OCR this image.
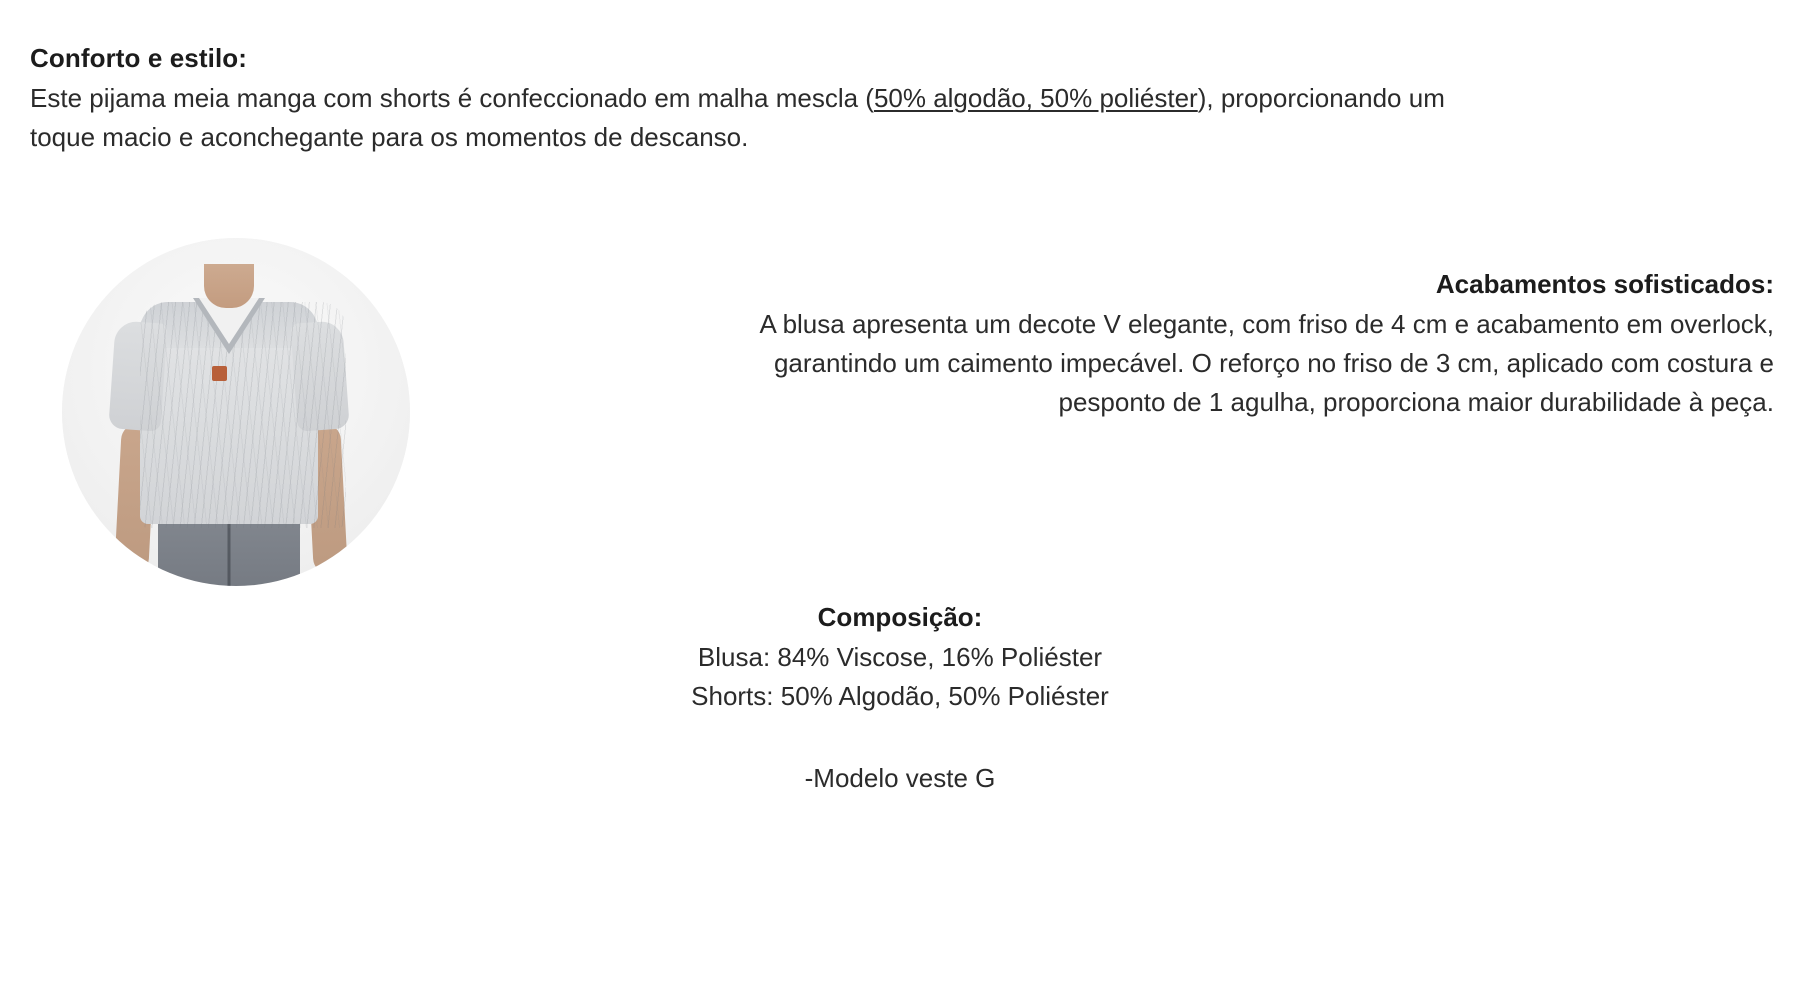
Conforto e estilo:

Este pijama meia manga com shorts é confeccionado em malha mescla (50% algodão, 50% poliéster), proporcionando um toque macio e aconchegante para os momentos de descanso.

Acabamentos sofisticados:

A blusa apresenta um decote V elegante, com friso de 4 cm e acabamento em overlock, garantindo um caimento impecável. O reforço no friso de 3 cm, aplicado com costura e pesponto de 1 agulha, proporciona maior durabilidade à peça.

Composição:

Blusa: 84% Viscose, 16% Poliéster

Shorts: 50% Algodão, 50% Poliéster

-Modelo veste G
